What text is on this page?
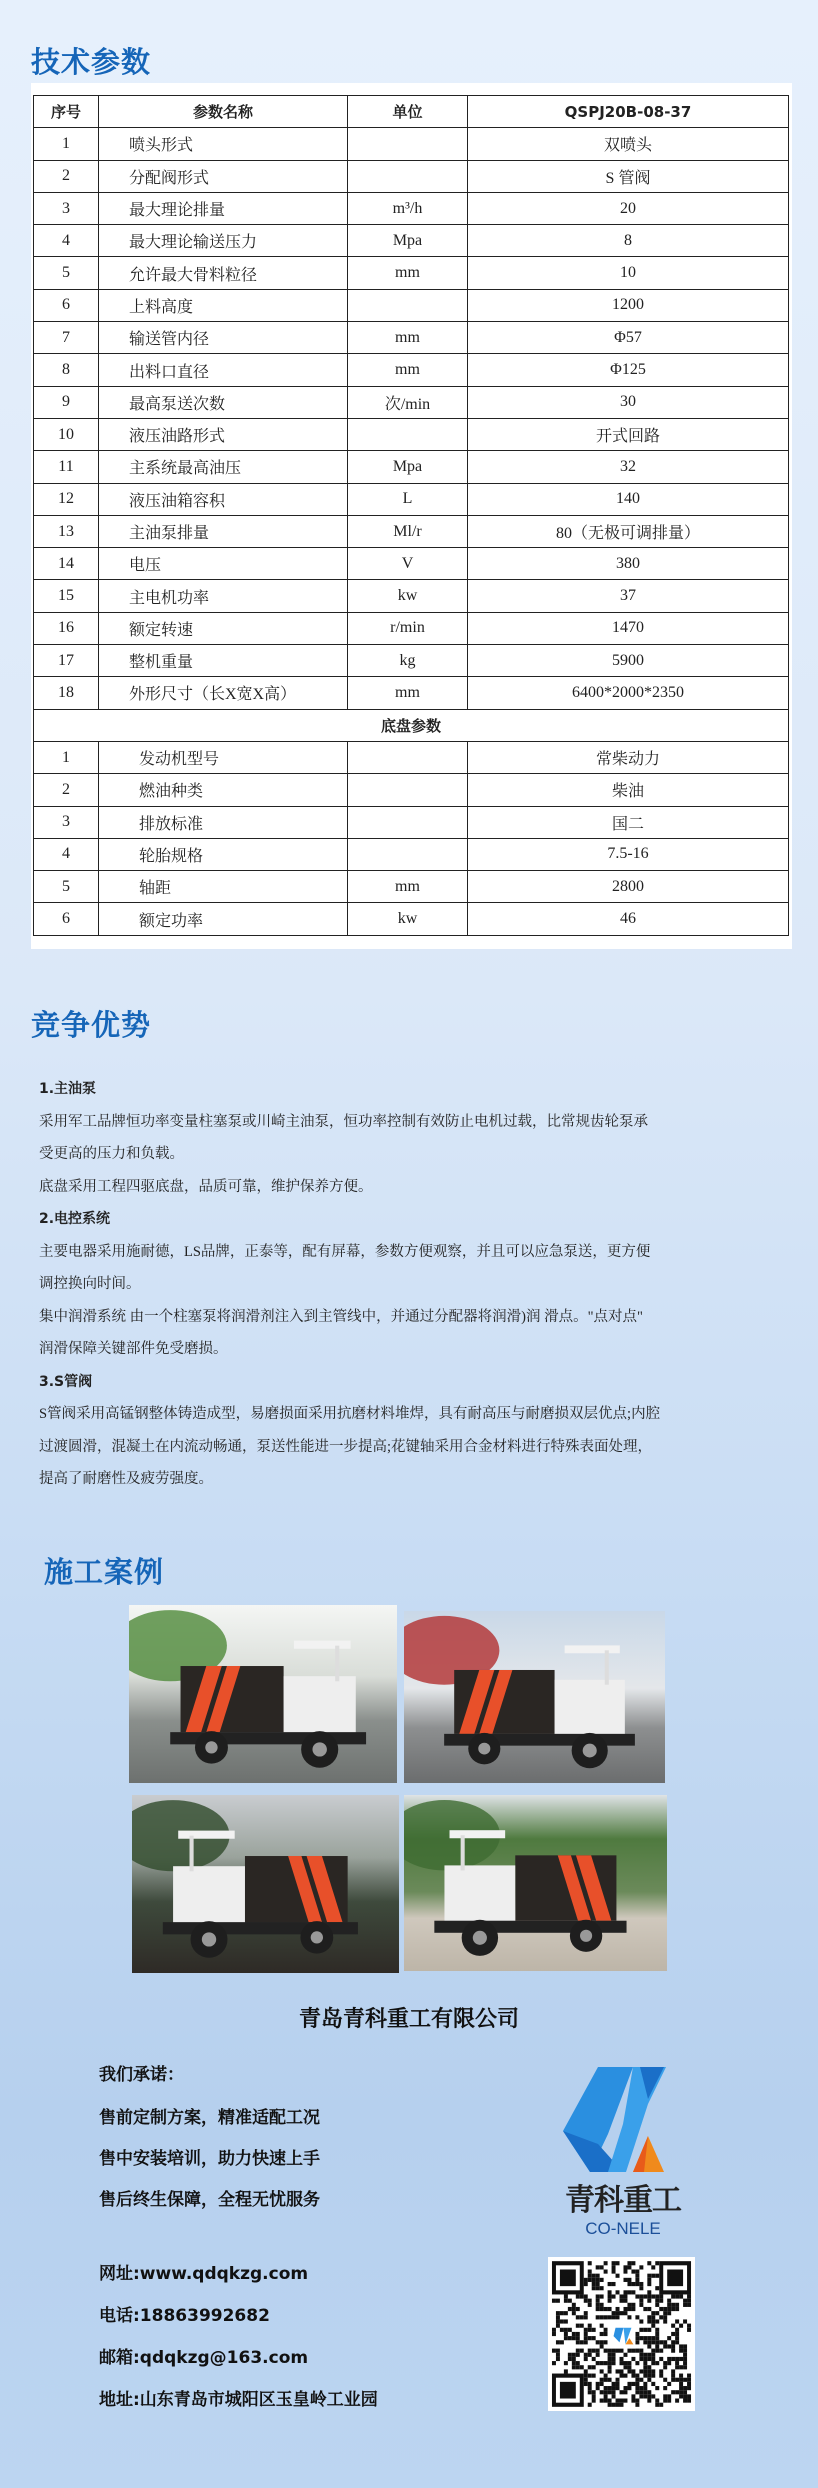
技术参数
序号	参数名称	单位	QSPJ20B-08-37
1	喷头形式		双喷头
2	分配阀形式		S 管阀
3	最大理论排量	m³/h	20
4	最大理论输送压力	Mpa	8
5	允许最大骨料粒径	mm	10
6	上料高度		1200
7	输送管内径	mm	Φ57
8	出料口直径	mm	Φ125
9	最高泵送次数	次/min	30
10	液压油路形式		开式回路
11	主系统最高油压	Mpa	32
12	液压油箱容积	L	140
13	主油泵排量	Ml/r	80（无极可调排量）
14	电压	V	380
15	主电机功率	kw	37
16	额定转速	r/min	1470
17	整机重量	kg	5900
18	外形尺寸（长X宽X高）	mm	6400*2000*2350
底盘参数			
1	发动机型号		常柴动力
2	燃油种类		柴油
3	排放标准		国二
4	轮胎规格		7.5-16
5	轴距	mm	2800
6	额定功率	kw	46
竞争优势
1.主油泵
采用军工品牌恒功率变量柱塞泵或川崎主油泵，恒功率控制有效防止电机过载，比常规齿轮泵承
受更高的压力和负载。
底盘采用工程四驱底盘，品质可靠，维护保养方便。
2.电控系统
主要电器采用施耐德，LS品牌，正泰等，配有屏幕，参数方便观察，并且可以应急泵送，更方便
调控换向时间。
集中润滑系统 由一个柱塞泵将润滑剂注入到主管线中，并通过分配器将润滑)润 滑点。"点对点"
润滑保障关键部件免受磨损。
3.S管阀
S管阀采用高锰钢整体铸造成型，易磨损面采用抗磨材料堆焊，具有耐高压与耐磨损双层优点;内腔
过渡圆滑，混凝土在内流动畅通，泵送性能进一步提高;花键轴采用合金材料进行特殊表面处理，
提高了耐磨性及疲劳强度。
施工案例
青岛青科重工有限公司
我们承诺：
售前定制方案，精准适配工况
售中安装培训，助力快速上手
售后终生保障，全程无忧服务	青科重工
CO-NELE
网址:www.qdqkzg.com
电话:18863992682
邮箱:qdqkzg@163.com
地址:山东青岛市城阳区玉皇岭工业园
